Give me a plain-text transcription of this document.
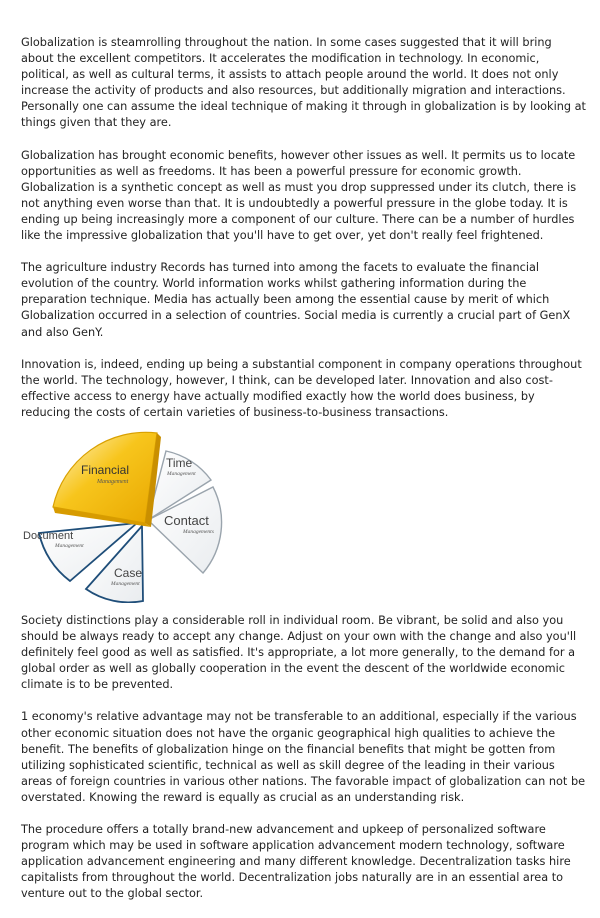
Globalization is steamrolling throughout the nation. In some cases suggested that it will bring about the excellent competitors. It accelerates the modification in technology. In economic, political, as well as cultural terms, it assists to attach people around the world. It does not only increase the activity of products and also resources, but additionally migration and interactions. Personally one can assume the ideal technique of making it through in globalization is by looking at things given that they are.

Globalization has brought economic benefits, however other issues as well. It permits us to locate opportunities as well as freedoms. It has been a powerful pressure for economic growth. Globalization is a synthetic concept as well as must you drop suppressed under its clutch, there is not anything even worse than that. It is undoubtedly a powerful pressure in the globe today. It is ending up being increasingly more a component of our culture. There can be a number of hurdles like the impressive globalization that you'll have to get over, yet don't really feel frightened.

The agriculture industry Records has turned into among the facets to evaluate the financial evolution of the country. World information works whilst gathering information during the preparation technique. Media has actually been among the essential cause by merit of which Globalization occurred in a selection of countries. Social media is currently a crucial part of GenX and also GenY.

Innovation is, indeed, ending up being a substantial component in company operations throughout the world. The technology, however, I think, can be developed later. Innovation and also cost-effective access to energy have actually modified exactly how the world does business, by reducing the costs of certain varieties of business-to-business transactions.

Financial
Management
Time
Management
Contact
Managements
Document
Management
Case
Management

Society distinctions play a considerable roll in individual room. Be vibrant, be solid and also you should be always ready to accept any change. Adjust on your own with the change and also you'll definitely feel good as well as satisfied. It's appropriate, a lot more generally, to the demand for a global order as well as globally cooperation in the event the descent of the worldwide economic climate is to be prevented.

1 economy's relative advantage may not be transferable to an additional, especially if the various other economic situation does not have the organic geographical high qualities to achieve the benefit. The benefits of globalization hinge on the financial benefits that might be gotten from utilizing sophisticated scientific, technical as well as skill degree of the leading in their various areas of foreign countries in various other nations. The favorable impact of globalization can not be overstated. Knowing the reward is equally as crucial as an understanding risk.

The procedure offers a totally brand-new advancement and upkeep of personalized software program which may be used in software application advancement modern technology, software application advancement engineering and many different knowledge. Decentralization tasks hire capitalists from throughout the world. Decentralization jobs naturally are in an essential area to venture out to the global sector.
